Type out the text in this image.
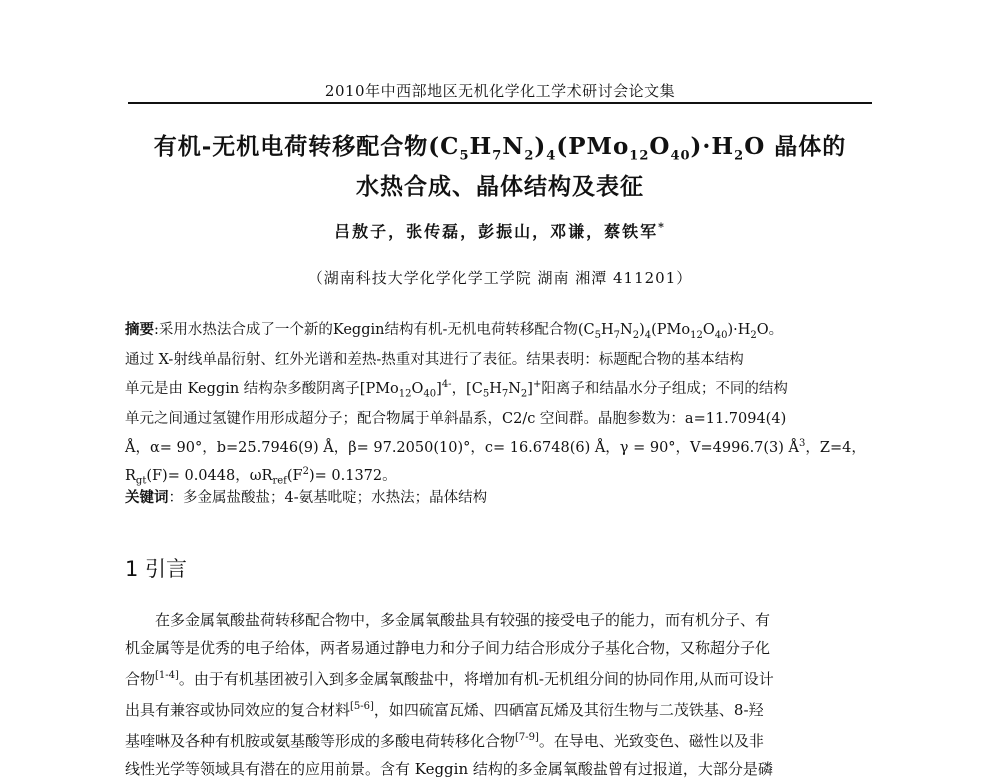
2010年中西部地区无机化学化工学术研讨会论文集
有机-无机电荷转移配合物$(C_5H_7N_2)_4(PMo_{12}O_{40})\cdot H_2O$ 晶体的
水热合成、晶体结构及表征
吕敖子，张传磊，彭振山，邓谦，蔡铁军*
（湖南科技大学化学化学工学院 湖南 湘潭 411201）
摘要:采用水热法合成了一个新的Keggin结构有机-无机电荷转移配合物$(C_5H_7N_2)_4(PMo_{12}O_{40})\cdot H_2O$。
通过 X-射线单晶衍射、红外光谱和差热-热重对其进行了表征。结果表明：标题配合物的基本结构
单元是由 Keggin 结构杂多酸阴离子$[PMo_{12}O_{40}]^{4-}$，$[C_5H_7N_2]^+$阳离子和结晶水分子组成；不同的结构
单元之间通过氢键作用形成超分子；配合物属于单斜晶系，C2/c 空间群。晶胞参数为：a=11.7094(4)
Å，α= 90°，b=25.7946(9) Å，β= 97.2050(10)°，c= 16.6748(6) Å，γ = 90°，V=4996.7(3) $Å^3$，Z=4，
$R_{gt}(F)= 0.0448$，$\omega R_{ref}(F^2)= 0.1372$。
关键词：多金属盐酸盐；4-氨基吡啶；水热法；晶体结构
1 引言
在多金属氧酸盐荷转移配合物中，多金属氧酸盐具有较强的接受电子的能力，而有机分子、有
机金属等是优秀的电子给体，两者易通过静电力和分子间力结合形成分子基化合物，又称超分子化
合物[1-4]。由于有机基团被引入到多金属氧酸盐中，将增加有机-无机组分间的协同作用,从而可设计
出具有兼容或协同效应的复合材料[5-6]，如四硫富瓦烯、四硒富瓦烯及其衍生物与二茂铁基、8-羟
基喹啉及各种有机胺或氨基酸等形成的多酸电荷转移化合物[7-9]。在导电、光致变色、磁性以及非
线性光学等领域具有潜在的应用前景。含有 Keggin 结构的多金属氧酸盐曾有过报道，大部分是磷
